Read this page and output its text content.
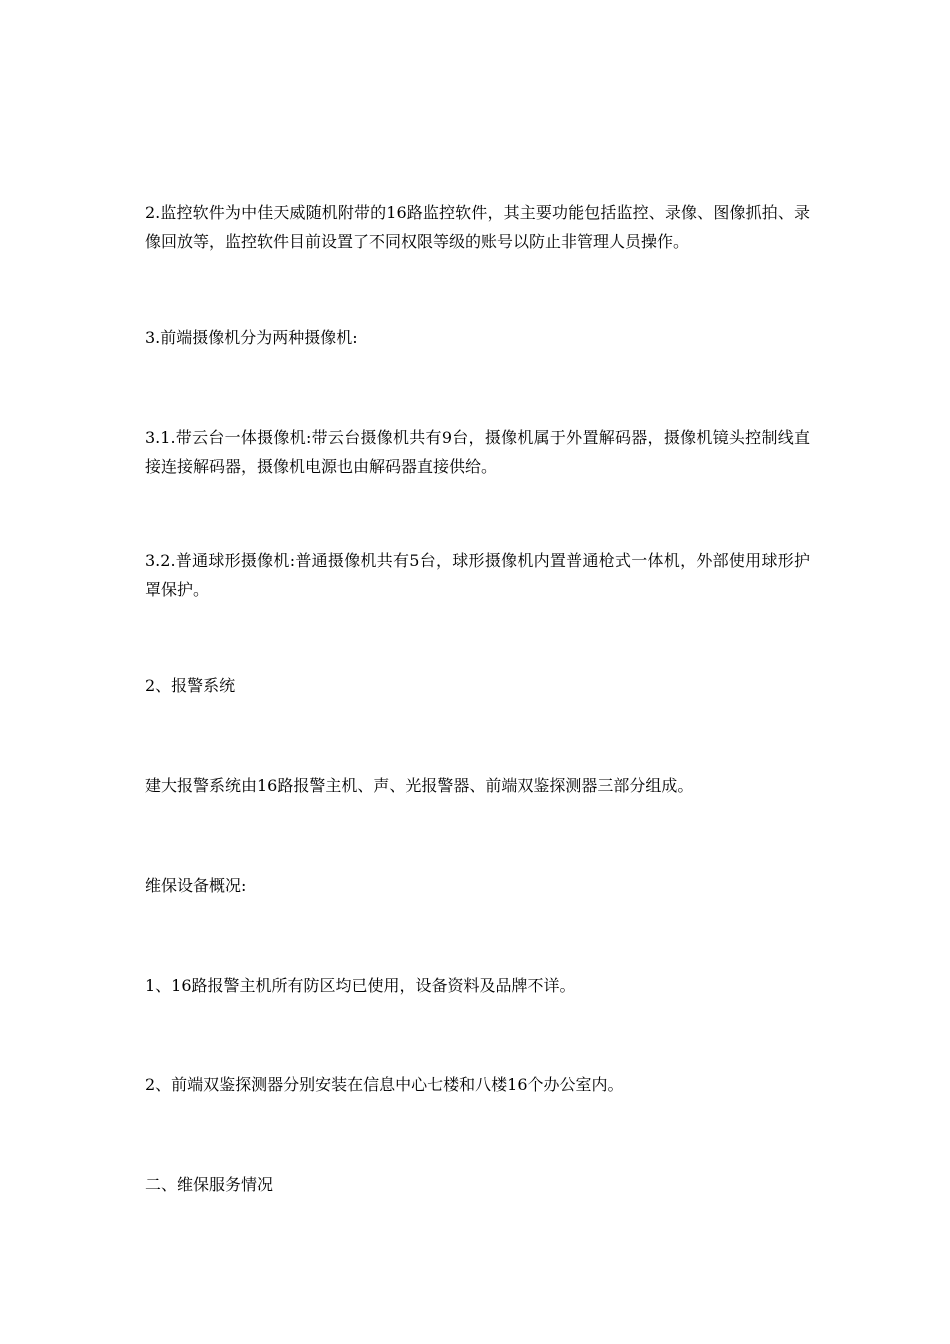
2.监控软件为中佳天威随机附带的16路监控软件，其主要功能包括监控、录像、图像抓拍、录像回放等，监控软件目前设置了不同权限等级的账号以防止非管理人员操作。

3.前端摄像机分为两种摄像机:

3.1.带云台一体摄像机:带云台摄像机共有9台，摄像机属于外置解码器，摄像机镜头控制线直接连接解码器，摄像机电源也由解码器直接供给。

3.2.普通球形摄像机:普通摄像机共有5台，球形摄像机内置普通枪式一体机，外部使用球形护罩保护。

2、报警系统

建大报警系统由16路报警主机、声、光报警器、前端双鉴探测器三部分组成。

维保设备概况:

1、16路报警主机所有防区均已使用，设备资料及品牌不详。

2、前端双鉴探测器分别安装在信息中心七楼和八楼16个办公室内。

二、维保服务情况
